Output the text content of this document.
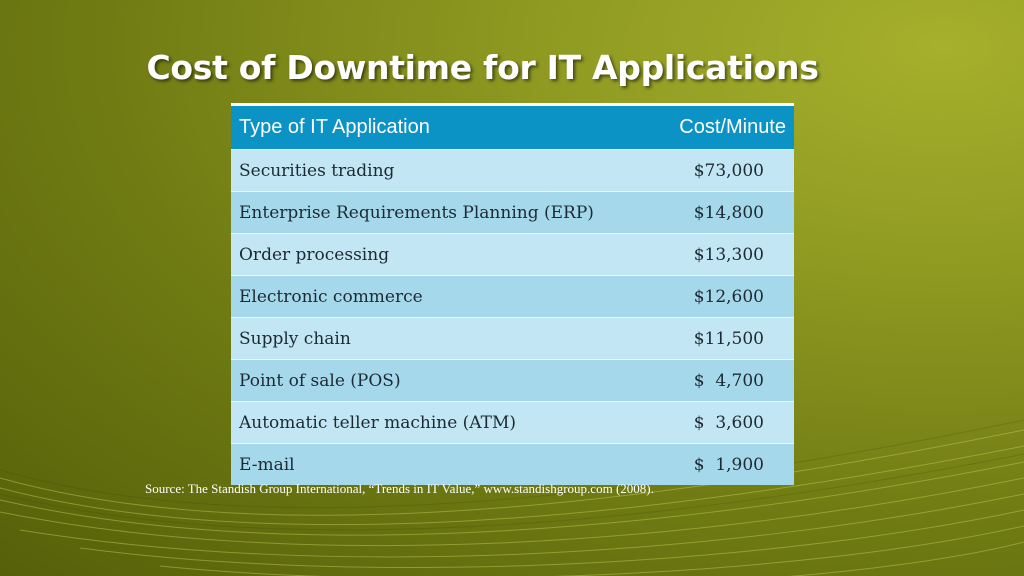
Cost of Downtime for IT Applications
Type of IT Application	Cost/Minute
Securities trading	$73,000
Enterprise Requirements Planning (ERP)	$14,800
Order processing	$13,300
Electronic commerce	$12,600
Supply chain	$11,500
Point of sale (POS)	$  4,700
Automatic teller machine (ATM)	$  3,600
E-mail	$  1,900
Source: The Standish Group International, “Trends in IT Value,” www.standishgroup.com (2008).
